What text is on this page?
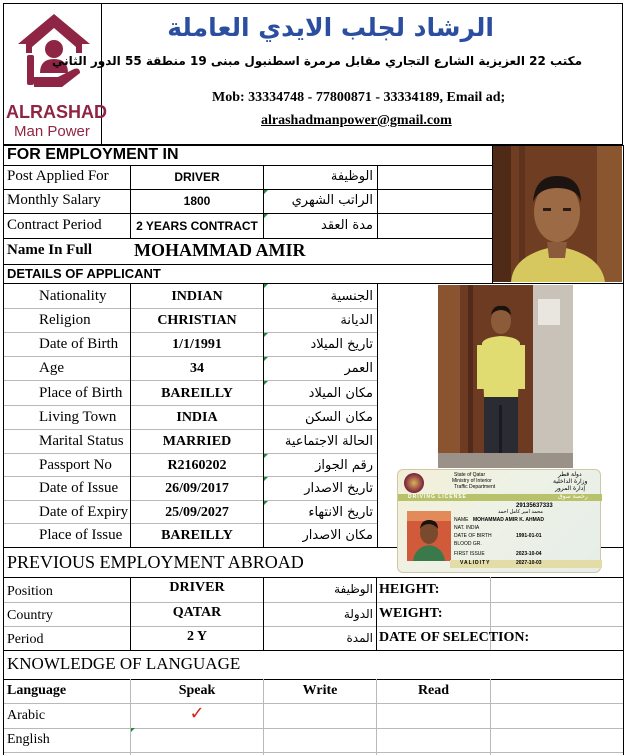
ALRASHAD
Man Power
الرشاد لجلب الايدي العاملة
مكتب 22 العزيزية الشارع التجاري مقابل مرمرة اسطنبول مبنى 19 منطقة 55 الدور الثاني
Mob: 33334748 - 77800871 - 33334189, Email ad;
alrashadmanpower@gmail.com
FOR EMPLOYMENT IN
Post Applied For	DRIVER	الوظيفة
Monthly Salary	1800	الراتب الشهري
Contract Period	2 YEARS CONTRACT	مدة العقد
Name In Full MOHAMMAD AMIR
DETAILS OF APPLICANT
Nationality	INDIAN	الجنسية
Religion	CHRISTIAN	الديانة
Date of Birth	1/1/1991	تاريخ الميلاد
Age	34	العمر
Place of Birth	BAREILLY	مكان الميلاد
Living Town	INDIA	مكان السكن
Marital Status	MARRIED	الحالة الاجتماعية
Passport No	R2160202	رقم الجواز
Date of Issue	26/09/2017	تاريخ الاصدار
Date of Expiry	25/09/2027	تاريخ الانتهاء
Place of Issue	BAREILLY	مكان الاصدار
State of Qatar
Ministry of Interior
Traffic Department
دولة قطر
وزارة الداخلية
إدارة المرور
DRIVING LICENSE	رخصة سوق
29135637333
محمد امير كامل احمد
NAME MOHAMMAD AMIR K. AHMAD
NAT. INDIA
DATE OF BIRTH	1991-01-01
BLOOD GR.
FIRST ISSUE	2023-10-04
VALIDITY	2027-10-03
PREVIOUS EMPLOYMENT ABROAD
Position	DRIVER	الوظيفة HEIGHT:
Country	QATAR	الدولة WEIGHT:
Period	2 Y	المدة DATE OF SELECTION:
KNOWLEDGE OF LANGUAGE
Language	Speak	Write	Read
Arabic	✓
English
